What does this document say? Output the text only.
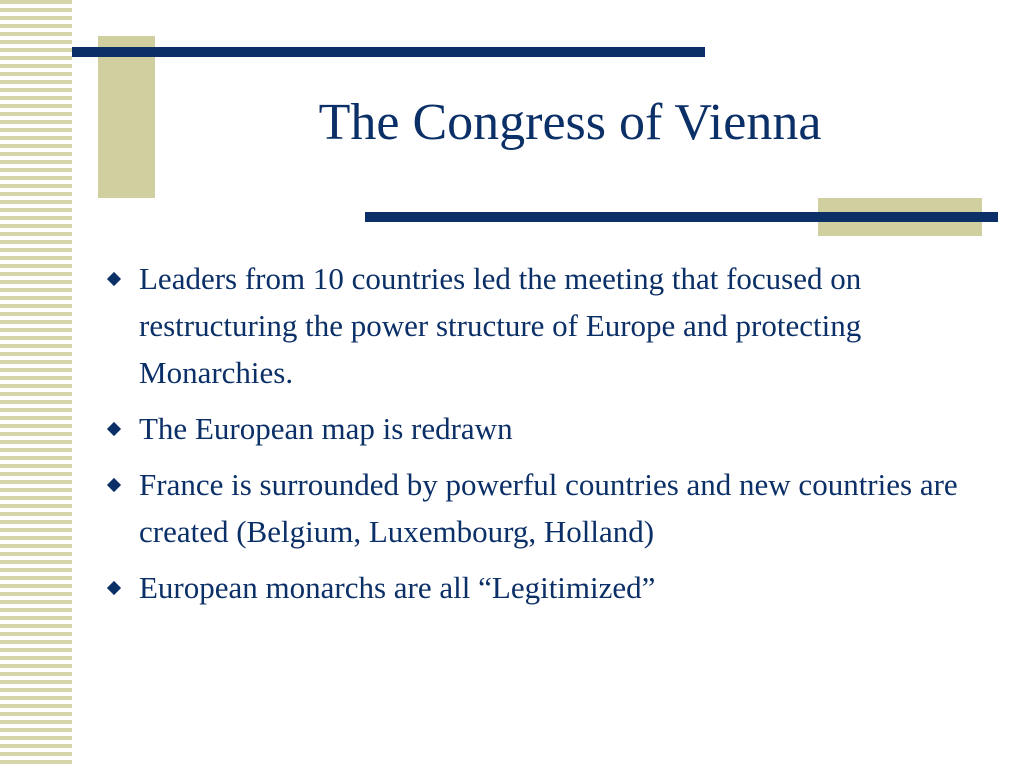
The Congress of Vienna
Leaders from 10 countries led the meeting that focused on restructuring the power structure of Europe and protecting Monarchies.
The European map is redrawn
France is surrounded by powerful countries and new countries are created (Belgium, Luxembourg, Holland)
European monarchs are all “Legitimized”
